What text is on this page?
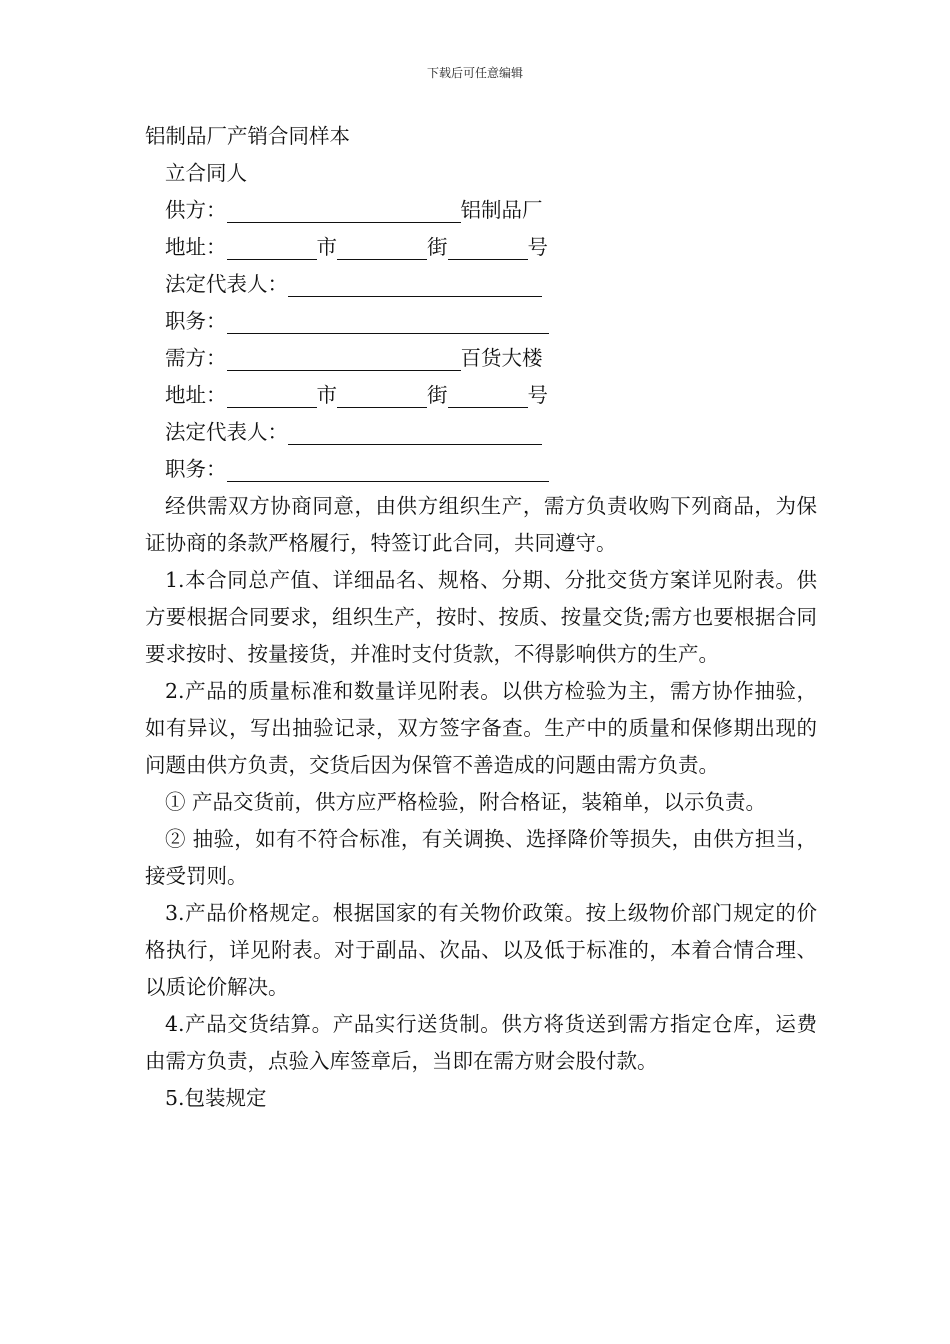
下载后可任意编辑

铝制品厂产销合同样本

立合同人

供方：	铝制品厂

地址：	市	街	号

法定代表人：

职务：

需方：	百货大楼

地址：	市	街	号

法定代表人：

职务：

经供需双方协商同意，由供方组织生产，需方负责收购下列商品，为保证协商的条款严格履行，特签订此合同，共同遵守。

1.本合同总产值、详细品名、规格、分期、分批交货方案详见附表。供方要根据合同要求，组织生产，按时、按质、按量交货;需方也要根据合同要求按时、按量接货，并准时支付货款，不得影响供方的生产。

2.产品的质量标准和数量详见附表。以供方检验为主，需方协作抽验，如有异议，写出抽验记录，双方签字备查。生产中的质量和保修期出现的问题由供方负责，交货后因为保管不善造成的问题由需方负责。

① 产品交货前，供方应严格检验，附合格证，装箱单，以示负责。

② 抽验，如有不符合标准，有关调换、选择降价等损失，由供方担当，接受罚则。

3.产品价格规定。根据国家的有关物价政策。按上级物价部门规定的价格执行，详见附表。对于副品、次品、以及低于标准的，本着合情合理、以质论价解决。

4.产品交货结算。产品实行送货制。供方将货送到需方指定仓库，运费由需方负责，点验入库签章后，当即在需方财会股付款。

5.包装规定
